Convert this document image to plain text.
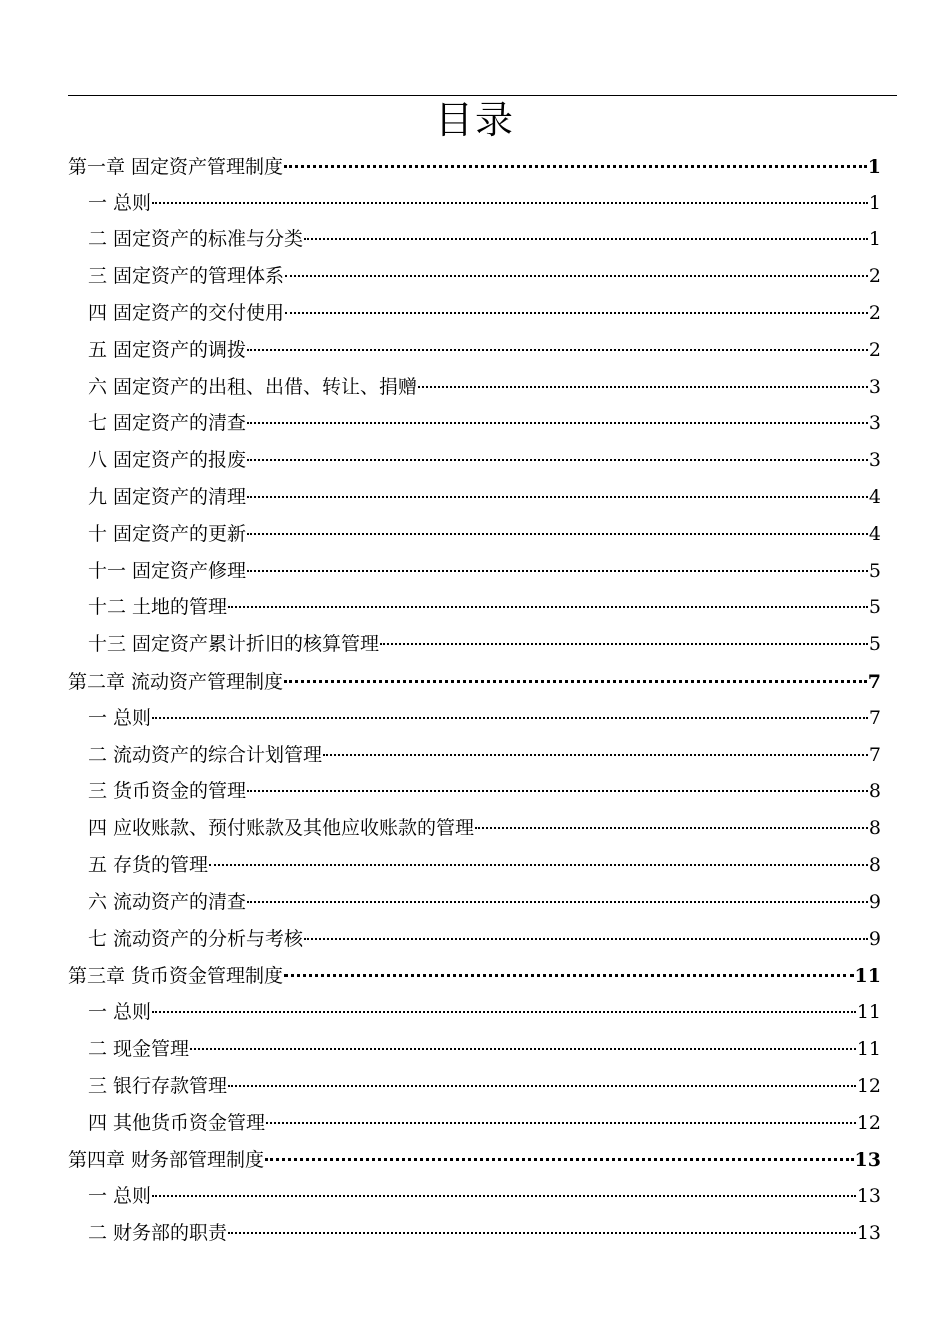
目录
第一章 固定资产管理制度	1
一 总则	1
二 固定资产的标准与分类	1
三 固定资产的管理体系	2
四 固定资产的交付使用	2
五 固定资产的调拨	2
六 固定资产的出租、出借、转让、捐赠	3
七 固定资产的清查	3
八 固定资产的报废	3
九 固定资产的清理	4
十 固定资产的更新	4
十一 固定资产修理	5
十二 土地的管理	5
十三 固定资产累计折旧的核算管理	5
第二章 流动资产管理制度	7
一 总则	7
二 流动资产的综合计划管理	7
三 货币资金的管理	8
四 应收账款、预付账款及其他应收账款的管理	8
五 存货的管理	8
六 流动资产的清查	9
七 流动资产的分析与考核	9
第三章 货币资金管理制度	11
一 总则	11
二 现金管理	11
三 银行存款管理	12
四 其他货币资金管理	12
第四章 财务部管理制度	13
一 总则	13
二 财务部的职责	13
